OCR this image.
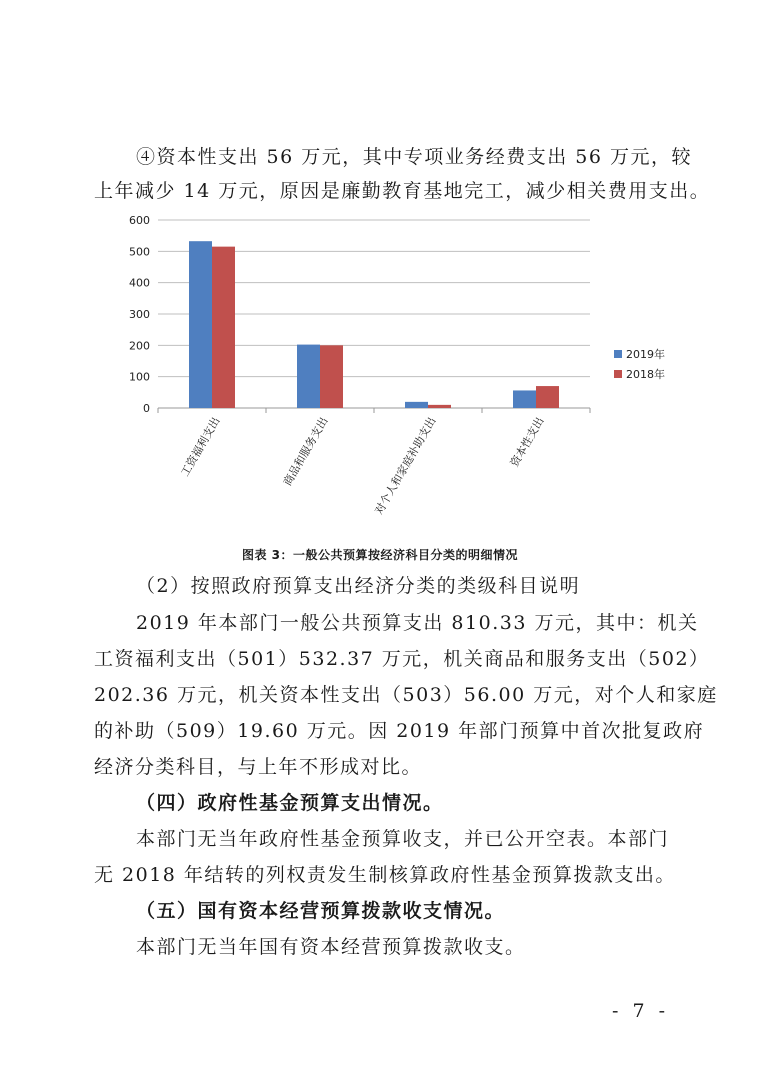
④资本性支出 56 万元，其中专项业务经费支出 56 万元，较
上年减少 14 万元，原因是廉勤教育基地完工，减少相关费用支出。
0
100
200
300
400
500
600
工资福利支出	商品和服务支出	对个人和家庭补助支出	资本性支出
2019年
2018年
图表 3：一般公共预算按经济科目分类的明细情况
（2）按照政府预算支出经济分类的类级科目说明
2019 年本部门一般公共预算支出 810.33 万元，其中：机关
工资福利支出（501）532.37 万元，机关商品和服务支出（502）
202.36 万元，机关资本性支出（503）56.00 万元，对个人和家庭
的补助（509）19.60 万元。因 2019 年部门预算中首次批复政府
经济分类科目，与上年不形成对比。
（四）政府性基金预算支出情况。
本部门无当年政府性基金预算收支，并已公开空表。本部门
无 2018 年结转的列权责发生制核算政府性基金预算拨款支出。
（五）国有资本经营预算拨款收支情况。
本部门无当年国有资本经营预算拨款收支。
- 7 -
